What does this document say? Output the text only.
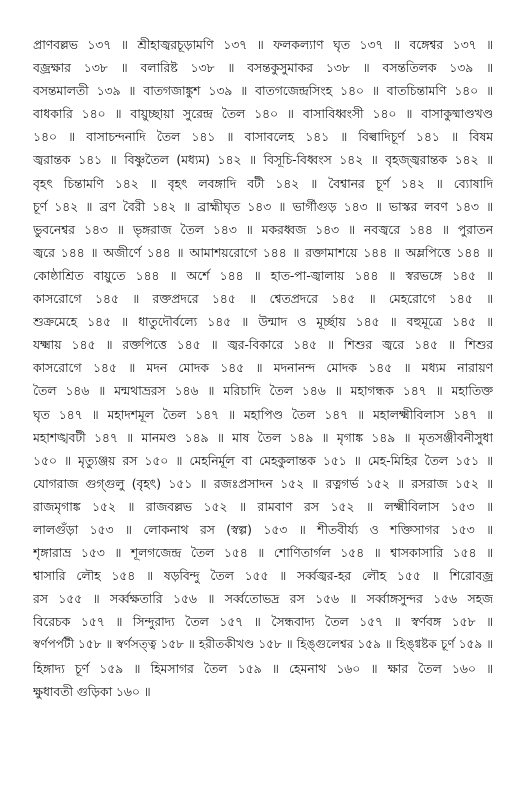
প্রাণবল্লভ ১৩৭ ॥ শ্রীহাজ্বরচূড়ামণি ১৩৭ ॥ ফলকল্যাণ ঘৃত ১৩৭ ॥ বঙ্গেশ্বর ১৩৭ ॥
বজ্রক্ষার ১৩৮ ॥ বলারিষ্ট ১৩৮ ॥ বসন্তকুসুমাকর ১৩৮ ॥ বসন্ততিলক ১৩৯ ॥
বসন্তমালতী ১৩৯ ॥ বাতগজাঙ্কুশ ১৩৯ ॥ বাতগজেন্দ্রসিংহ ১৪০ ॥ বাতচিন্তামণি ১৪০ ॥
বাধকারি ১৪০ ॥ বায়ুচ্ছায়া সুরেন্দ্র তৈল ১৪০ ॥ বাসাবিধ্বংসী ১৪০ ॥ বাসাকুষ্মাণ্ডখণ্ড
১৪০ ॥ বাসাচন্দনাদি তৈল ১৪১ ॥ বাসাবলেহ ১৪১ ॥ বিল্বাদিচূর্ণ ১৪১ ॥ বিষম
জ্বরান্তক ১৪১ ॥ বিষ্ণুতৈল (মধ্যম) ১৪২ ॥ বিসূচি-বিধ্বংস ১৪২ ॥ বৃহজ্জ্বরান্তক ১৪২ ॥
বৃহৎ চিন্তামণি ১৪২ ॥ বৃহৎ লবঙ্গাদি বটী ১৪২ ॥ বৈশ্বানর চূর্ণ ১৪২ ॥ ব্যোষাদি
চূর্ণ ১৪২ ॥ ব্রণ বৈরী ১৪২ ॥ ব্রাহ্মীঘৃত ১৪৩ ॥ ভার্গীগুড় ১৪৩ ॥ ভাস্কর লবণ ১৪৩ ॥
ভুবনেশ্বর ১৪৩ ॥ ভৃঙ্গরাজ তৈল ১৪৩ ॥ মকরধ্বজ ১৪৩ ॥ নবজ্বরে ১৪৪ ॥ পুরাতন
জ্বরে ১৪৪ ॥ অজীর্ণে ১৪৪ ॥ আমাশয়রোগে ১৪৪ ॥ রক্তামাশয়ে ১৪৪ ॥ অম্লপিত্তে ১৪৪ ॥
কোষ্ঠাশ্রিত বায়ুতে ১৪৪ ॥ অর্শে ১৪৪ ॥ হাত-পা-জ্বালায় ১৪৪ ॥ স্বরভঙ্গে ১৪৫ ॥
কাসরোগে ১৪৫ ॥ রক্তপ্রদরে ১৪৫ ॥ শ্বেতপ্রদরে ১৪৫ ॥ মেহরোগে ১৪৫ ॥
শুক্রমেহে ১৪৫ ॥ ধাতুদৌর্বল্যে ১৪৫ ॥ উন্মাদ ও মূর্চ্ছায় ১৪৫ ॥ বহুমূত্রে ১৪৫ ॥
যক্ষ্মায় ১৪৫ ॥ রক্তপিত্তে ১৪৫ ॥ জ্বর-বিকারে ১৪৫ ॥ শিশুর জ্বরে ১৪৫ ॥ শিশুর
কাসরোগে ১৪৫ ॥ মদন মোদক ১৪৫ ॥ মদনানন্দ মোদক ১৪৫ ॥ মধ্যম নারায়ণ
তৈল ১৪৬ ॥ মন্মথাভ্ররস ১৪৬ ॥ মরিচাদি তৈল ১৪৬ ॥ মহাগন্ধক ১৪৭ ॥ মহাতিক্ত
ঘৃত ১৪৭ ॥ মহাদশমূল তৈল ১৪৭ ॥ মহাপিণ্ড তৈল ১৪৭ ॥ মহালক্ষ্মীবিলাস ১৪৭ ॥
মহাশঙ্খবটী ১৪৭ ॥ মানমণ্ড ১৪৯ ॥ মাষ তৈল ১৪৯ ॥ মৃগাঙ্ক ১৪৯ ॥ মৃতসঞ্জীবনীসুধা
১৫০ ॥ মৃত্যুঞ্জয় রস ১৫০ ॥ মেহনির্মূল বা মেহকুলান্তক ১৫১ ॥ মেহ-মিহির তৈল ১৫১ ॥
যোগরাজ গুগ্গুলু (বৃহৎ) ১৫১ ॥ রজঃপ্রসাদন ১৫২ ॥ রত্নগর্ভ ১৫২ ॥ রসরাজ ১৫২ ॥
রাজমৃগাঙ্ক ১৫২ ॥ রাজবল্লভ ১৫২ ॥ রামবাণ রস ১৫২ ॥ লক্ষ্মীবিলাস ১৫৩ ॥
লালগুঁড়া ১৫৩ ॥ লোকনাথ রস (স্বল্প) ১৫৩ ॥ শীতবীর্য্য ও শক্তিসাগর ১৫৩ ॥
শৃঙ্গারাভ্র ১৫৩ ॥ শূলগজেন্দ্র তৈল ১৫৪ ॥ শোণিতার্গল ১৫৪ ॥ শ্বাসকাসারি ১৫৪ ॥
শ্বাসারি লৌহ ১৫৪ ॥ ষড়বিন্দু তৈল ১৫৫ ॥ সর্ব্বজ্বর-হর লৌহ ১৫৫ ॥ শিরোবজ্র
রস ১৫৫ ॥ সর্ব্বক্ষতারি ১৫৬ ॥ সর্ব্বতোভদ্র রস ১৫৬ ॥ সর্ব্বাঙ্গসুন্দর ১৫৬ সহজ
বিরেচক ১৫৭ ॥ সিন্দুরাদ্য তৈল ১৫৭ ॥ সৈন্ধবাদ্য তৈল ১৫৭ ॥ স্বর্ণবঙ্গ ১৫৮ ॥
স্বর্ণপর্পটী ১৫৮ ॥ স্বর্ণসত্ত্ব ১৫৮ ॥ হরীতকীখণ্ড ১৫৮ ॥ হিঙ্গুলেশ্বর ১৫৯ ॥ হিঙ্গ্বষ্টক চূর্ণ ১৫৯ ॥
হিঙ্গাদ্য চূর্ণ ১৫৯ ॥ হিমসাগর তৈল ১৫৯ ॥ হেমনাথ ১৬০ ॥ ক্ষার তৈল ১৬০ ॥
ক্ষুধাবতী গুড়িকা ১৬০ ॥
